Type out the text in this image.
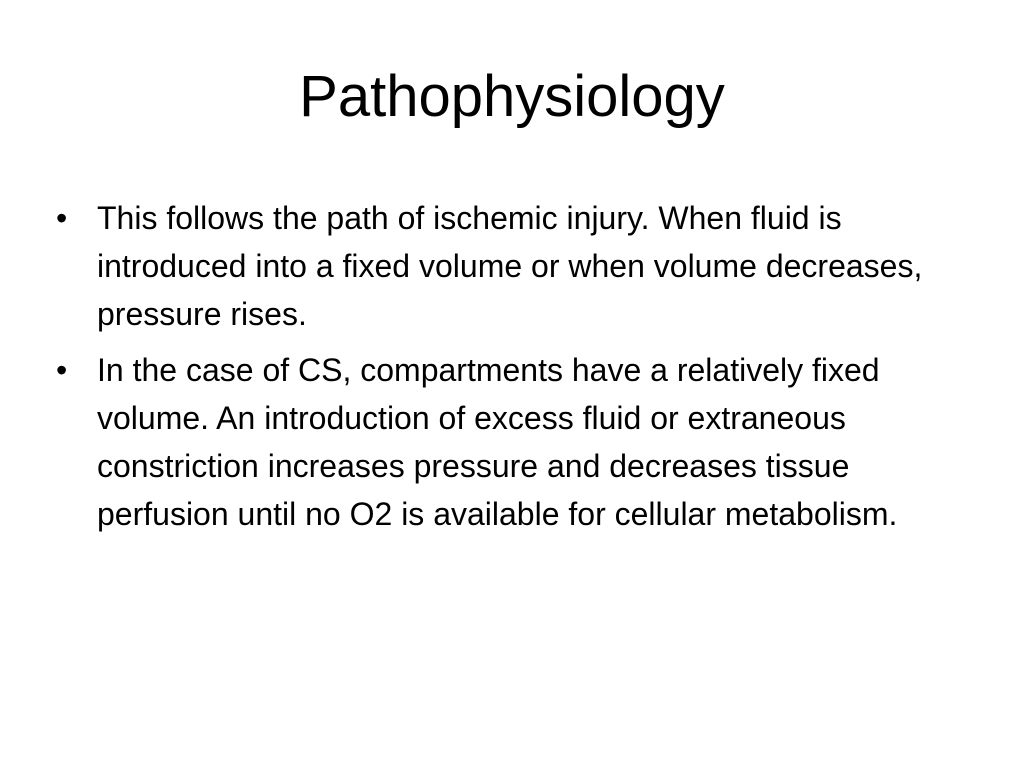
Pathophysiology
• This follows the path of ischemic injury. When fluid is introduced into a fixed volume or when volume decreases, pressure rises.
• In the case of CS, compartments have a relatively fixed volume. An introduction of excess fluid or extraneous constriction increases pressure and decreases tissue perfusion until no O2 is available for cellular metabolism.
